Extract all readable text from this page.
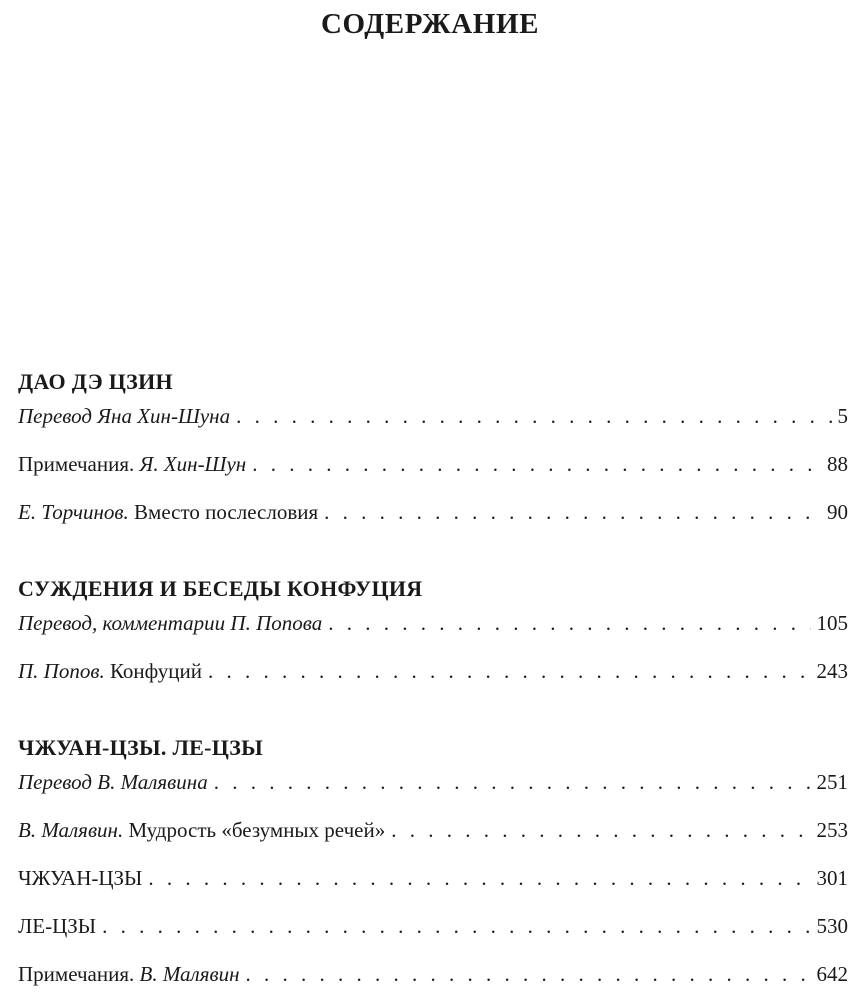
СОДЕРЖАНИЕ
ДАО ДЭ ЦЗИН
Перевод Яна Хин-Шуна . . .	5
Примечания. Я. Хин-Шун . . .	88
Е. Торчинов. Вместо послесловия . . .	90
СУЖДЕНИЯ И БЕСЕДЫ КОНФУЦИЯ
Перевод, комментарии П. Попова . . .	105
П. Попов. Конфуций . . .	243
ЧЖУАН-ЦЗЫ. ЛЕ-ЦЗЫ
Перевод В. Малявина . . .	251
В. Малявин. Мудрость «безумных речей» . . .	253
ЧЖУАН-ЦЗЫ . . .	301
ЛЕ-ЦЗЫ . . .	530
Примечания. В. Малявин . . .	642
